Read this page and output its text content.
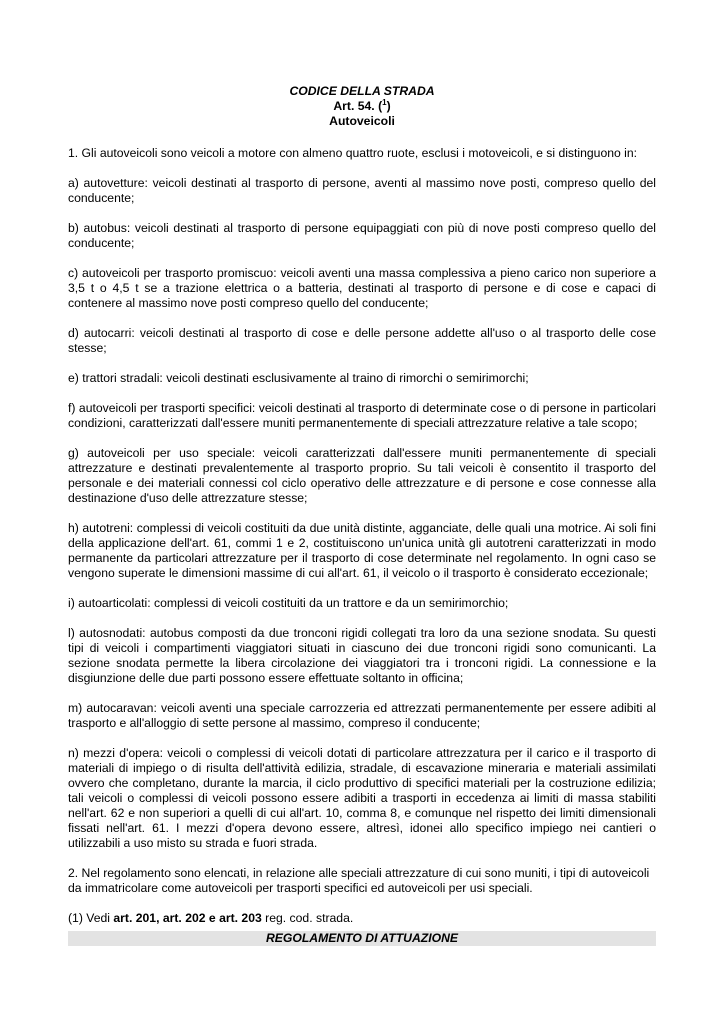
CODICE DELLA STRADA
Art. 54. ($^1$)
Autoveicoli

1. Gli autoveicoli sono veicoli a motore con almeno quattro ruote, esclusi i motoveicoli, e si distinguono in:

a) autovetture: veicoli destinati al trasporto di persone, aventi al massimo nove posti, compreso quello del conducente;

b) autobus: veicoli destinati al trasporto di persone equipaggiati con più di nove posti compreso quello del conducente;

c) autoveicoli per trasporto promiscuo: veicoli aventi una massa complessiva a pieno carico non superiore a 3,5 t o 4,5 t se a trazione elettrica o a batteria, destinati al trasporto di persone e di cose e capaci di contenere al massimo nove posti compreso quello del conducente;

d) autocarri: veicoli destinati al trasporto di cose e delle persone addette all'uso o al trasporto delle cose stesse;

e) trattori stradali: veicoli destinati esclusivamente al traino di rimorchi o semirimorchi;

f) autoveicoli per trasporti specifici: veicoli destinati al trasporto di determinate cose o di persone in particolari condizioni, caratterizzati dall'essere muniti permanentemente di speciali attrezzature relative a tale scopo;

g) autoveicoli per uso speciale: veicoli caratterizzati dall'essere muniti permanentemente di speciali attrezzature e destinati prevalentemente al trasporto proprio. Su tali veicoli è consentito il trasporto del personale e dei materiali connessi col ciclo operativo delle attrezzature e di persone e cose connesse alla destinazione d'uso delle attrezzature stesse;

h) autotreni: complessi di veicoli costituiti da due unità distinte, agganciate, delle quali una motrice. Ai soli fini della applicazione dell'art. 61, commi 1 e 2, costituiscono un'unica unità gli autotreni caratterizzati in modo permanente da particolari attrezzature per il trasporto di cose determinate nel regolamento. In ogni caso se vengono superate le dimensioni massime di cui all'art. 61, il veicolo o il trasporto è considerato eccezionale;

i) autoarticolati: complessi di veicoli costituiti da un trattore e da un semirimorchio;

l) autosnodati: autobus composti da due tronconi rigidi collegati tra loro da una sezione snodata. Su questi tipi di veicoli i compartimenti viaggiatori situati in ciascuno dei due tronconi rigidi sono comunicanti. La sezione snodata permette la libera circolazione dei viaggiatori tra i tronconi rigidi. La connessione e la disgiunzione delle due parti possono essere effettuate soltanto in officina;

m) autocaravan: veicoli aventi una speciale carrozzeria ed attrezzati permanentemente per essere adibiti al trasporto e all'alloggio di sette persone al massimo, compreso il conducente;

n) mezzi d'opera: veicoli o complessi di veicoli dotati di particolare attrezzatura per il carico e il trasporto di materiali di impiego o di risulta dell'attività edilizia, stradale, di escavazione mineraria e materiali assimilati ovvero che completano, durante la marcia, il ciclo produttivo di specifici materiali per la costruzione edilizia; tali veicoli o complessi di veicoli possono essere adibiti a trasporti in eccedenza ai limiti di massa stabiliti nell'art. 62 e non superiori a quelli di cui all'art. 10, comma 8, e comunque nel rispetto dei limiti dimensionali fissati nell'art. 61. I mezzi d'opera devono essere, altresì, idonei allo specifico impiego nei cantieri o utilizzabili a uso misto su strada e fuori strada.

2. Nel regolamento sono elencati, in relazione alle speciali attrezzature di cui sono muniti, i tipi di autoveicoli da immatricolare come autoveicoli per trasporti specifici ed autoveicoli per usi speciali.

(1) Vedi art. 201, art. 202 e art. 203 reg. cod. strada.

REGOLAMENTO DI ATTUAZIONE
